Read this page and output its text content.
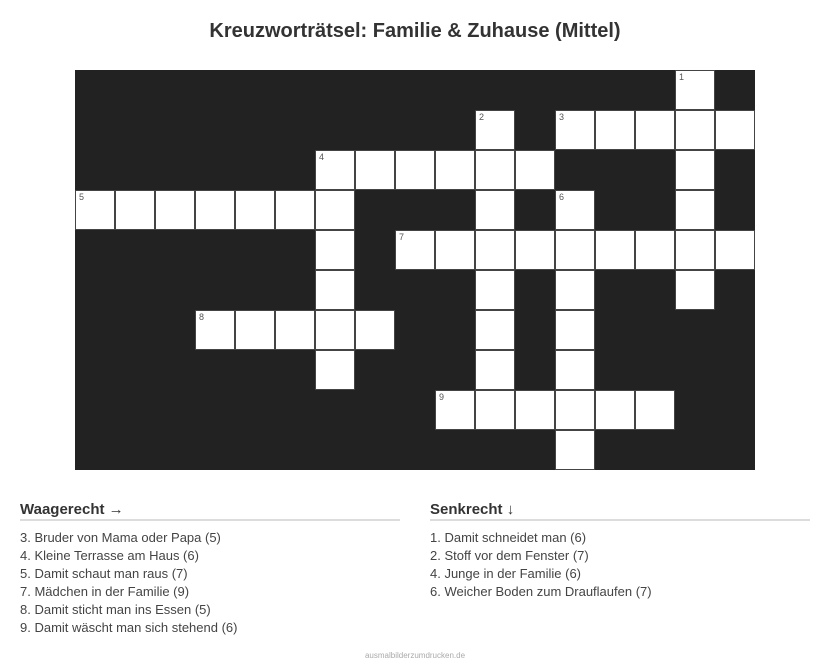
Kreuzworträtsel: Familie & Zuhause (Mittel)
1
2	3
4
5	6
7
8
9
Waagerecht →
3. Bruder von Mama oder Papa (5)
4. Kleine Terrasse am Haus (6)
5. Damit schaut man raus (7)
7. Mädchen in der Familie (9)
8. Damit sticht man ins Essen (5)
9. Damit wäscht man sich stehend (6)
Senkrecht ↓
1. Damit schneidet man (6)
2. Stoff vor dem Fenster (7)
4. Junge in der Familie (6)
6. Weicher Boden zum Drauflaufen (7)
ausmalbilderzumdrucken.de
